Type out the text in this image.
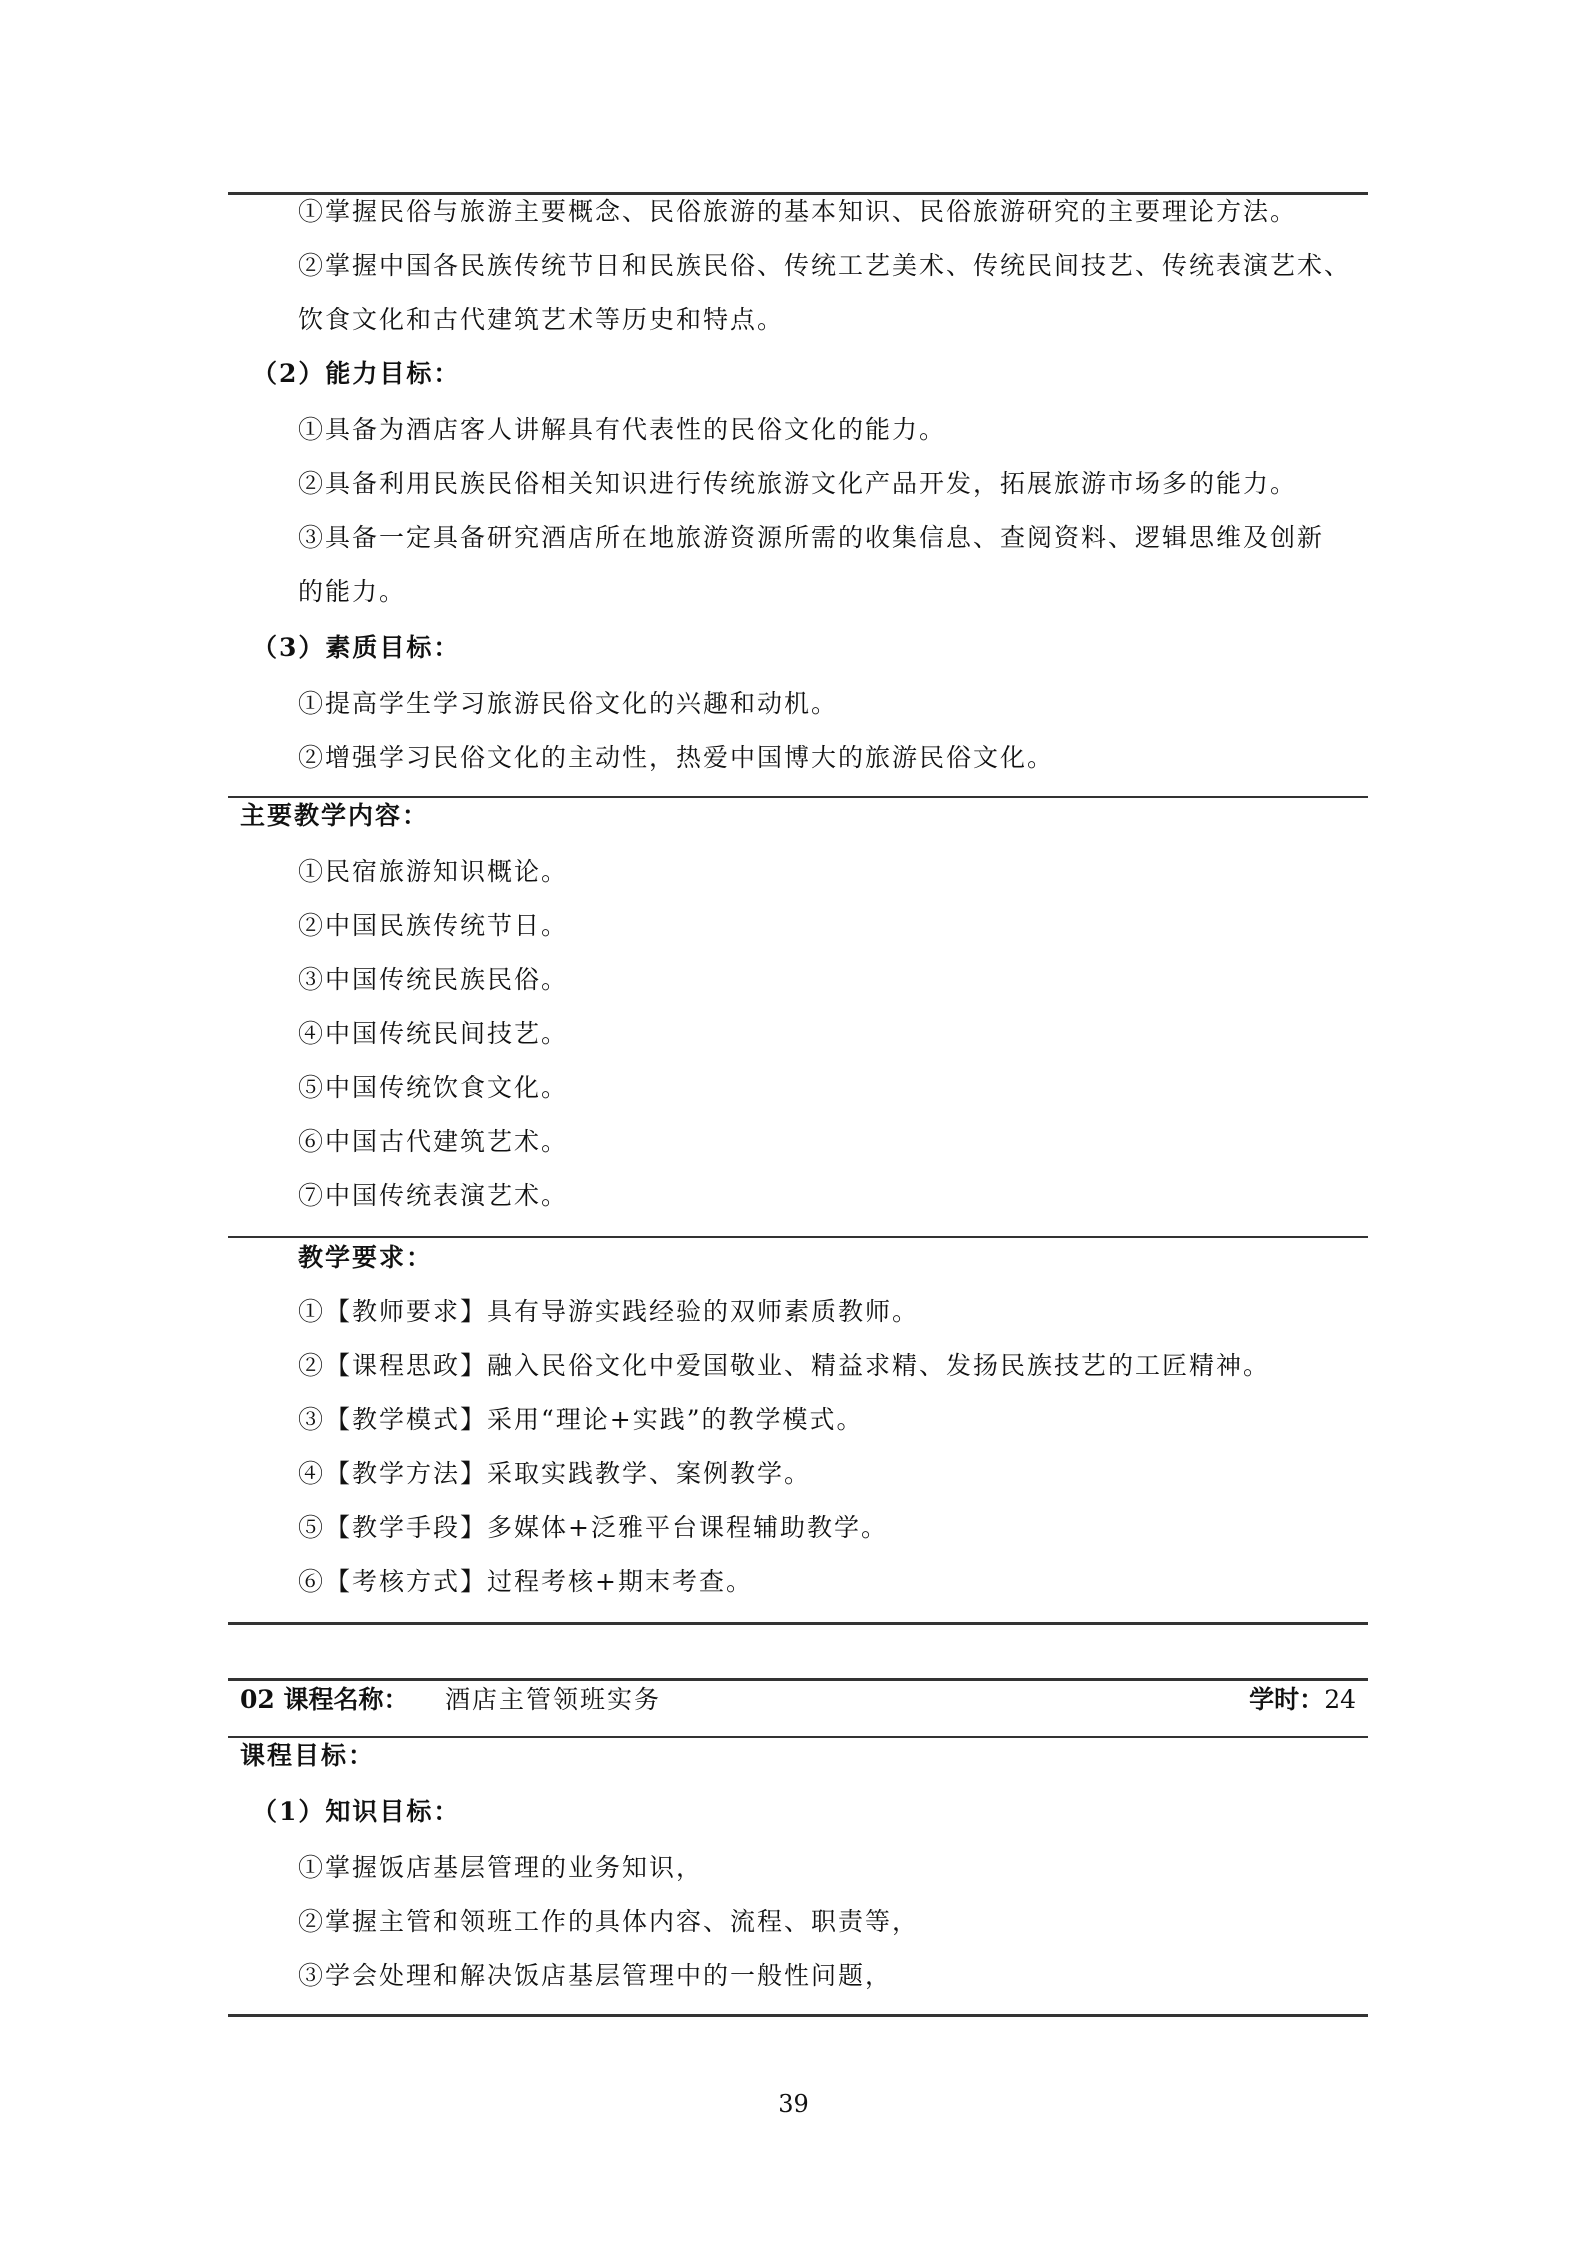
①掌握民俗与旅游主要概念、民俗旅游的基本知识、民俗旅游研究的主要理论方法。
②掌握中国各民族传统节日和民族民俗、传统工艺美术、传统民间技艺、传统表演艺术、
饮食文化和古代建筑艺术等历史和特点。
（2）能力目标：
①具备为酒店客人讲解具有代表性的民俗文化的能力。
②具备利用民族民俗相关知识进行传统旅游文化产品开发，拓展旅游市场多的能力。
③具备一定具备研究酒店所在地旅游资源所需的收集信息、查阅资料、逻辑思维及创新
的能力。
（3）素质目标：
①提高学生学习旅游民俗文化的兴趣和动机。
②增强学习民俗文化的主动性，热爱中国博大的旅游民俗文化。
主要教学内容：
①民宿旅游知识概论。
②中国民族传统节日。
③中国传统民族民俗。
④中国传统民间技艺。
⑤中国传统饮食文化。
⑥中国古代建筑艺术。
⑦中国传统表演艺术。
教学要求：
①【教师要求】具有导游实践经验的双师素质教师。
②【课程思政】融入民俗文化中爱国敬业、精益求精、发扬民族技艺的工匠精神。
③【教学模式】采用“理论+实践”的教学模式。
④【教学方法】采取实践教学、案例教学。
⑤【教学手段】多媒体+泛雅平台课程辅助教学。
⑥【考核方式】过程考核+期末考查。
02 课程名称： 酒店主管领班实务	学时：24
课程目标：
（1）知识目标：
①掌握饭店基层管理的业务知识，
②掌握主管和领班工作的具体内容、流程、职责等，
③学会处理和解决饭店基层管理中的一般性问题，
39
